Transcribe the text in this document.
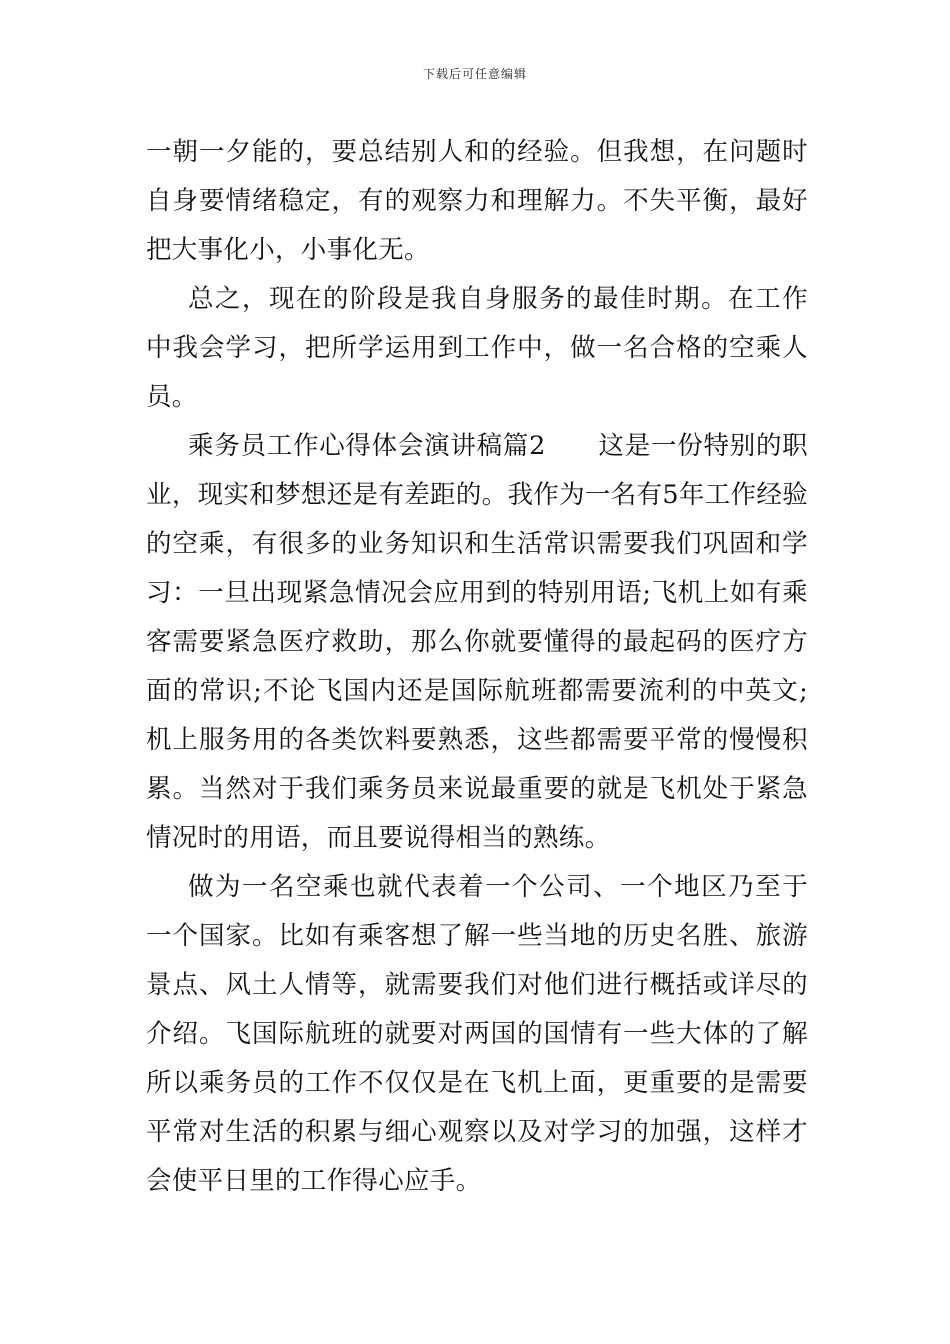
下载后可任意编辑
一朝一夕能的，要总结别人和的经验。但我想，在问题时
自身要情绪稳定，有的观察力和理解力。不失平衡，最好
把大事化小，小事化无。
总之，现在的阶段是我自身服务的最佳时期。在工作
中我会学习，把所学运用到工作中，做一名合格的空乘人
员。
乘务员工作心得体会演讲稿篇2　　这是一份特别的职
业，现实和梦想还是有差距的。我作为一名有5年工作经验
的空乘，有很多的业务知识和生活常识需要我们巩固和学
习：一旦出现紧急情况会应用到的特别用语;飞机上如有乘
客需要紧急医疗救助，那么你就要懂得的最起码的医疗方
面的常识;不论飞国内还是国际航班都需要流利的中英文;
机上服务用的各类饮料要熟悉，这些都需要平常的慢慢积
累。当然对于我们乘务员来说最重要的就是飞机处于紧急
情况时的用语，而且要说得相当的熟练。
做为一名空乘也就代表着一个公司、一个地区乃至于
一个国家。比如有乘客想了解一些当地的历史名胜、旅游
景点、风土人情等，就需要我们对他们进行概括或详尽的
介绍。飞国际航班的就要对两国的国情有一些大体的了解
所以乘务员的工作不仅仅是在飞机上面，更重要的是需要
平常对生活的积累与细心观察以及对学习的加强，这样才
会使平日里的工作得心应手。
